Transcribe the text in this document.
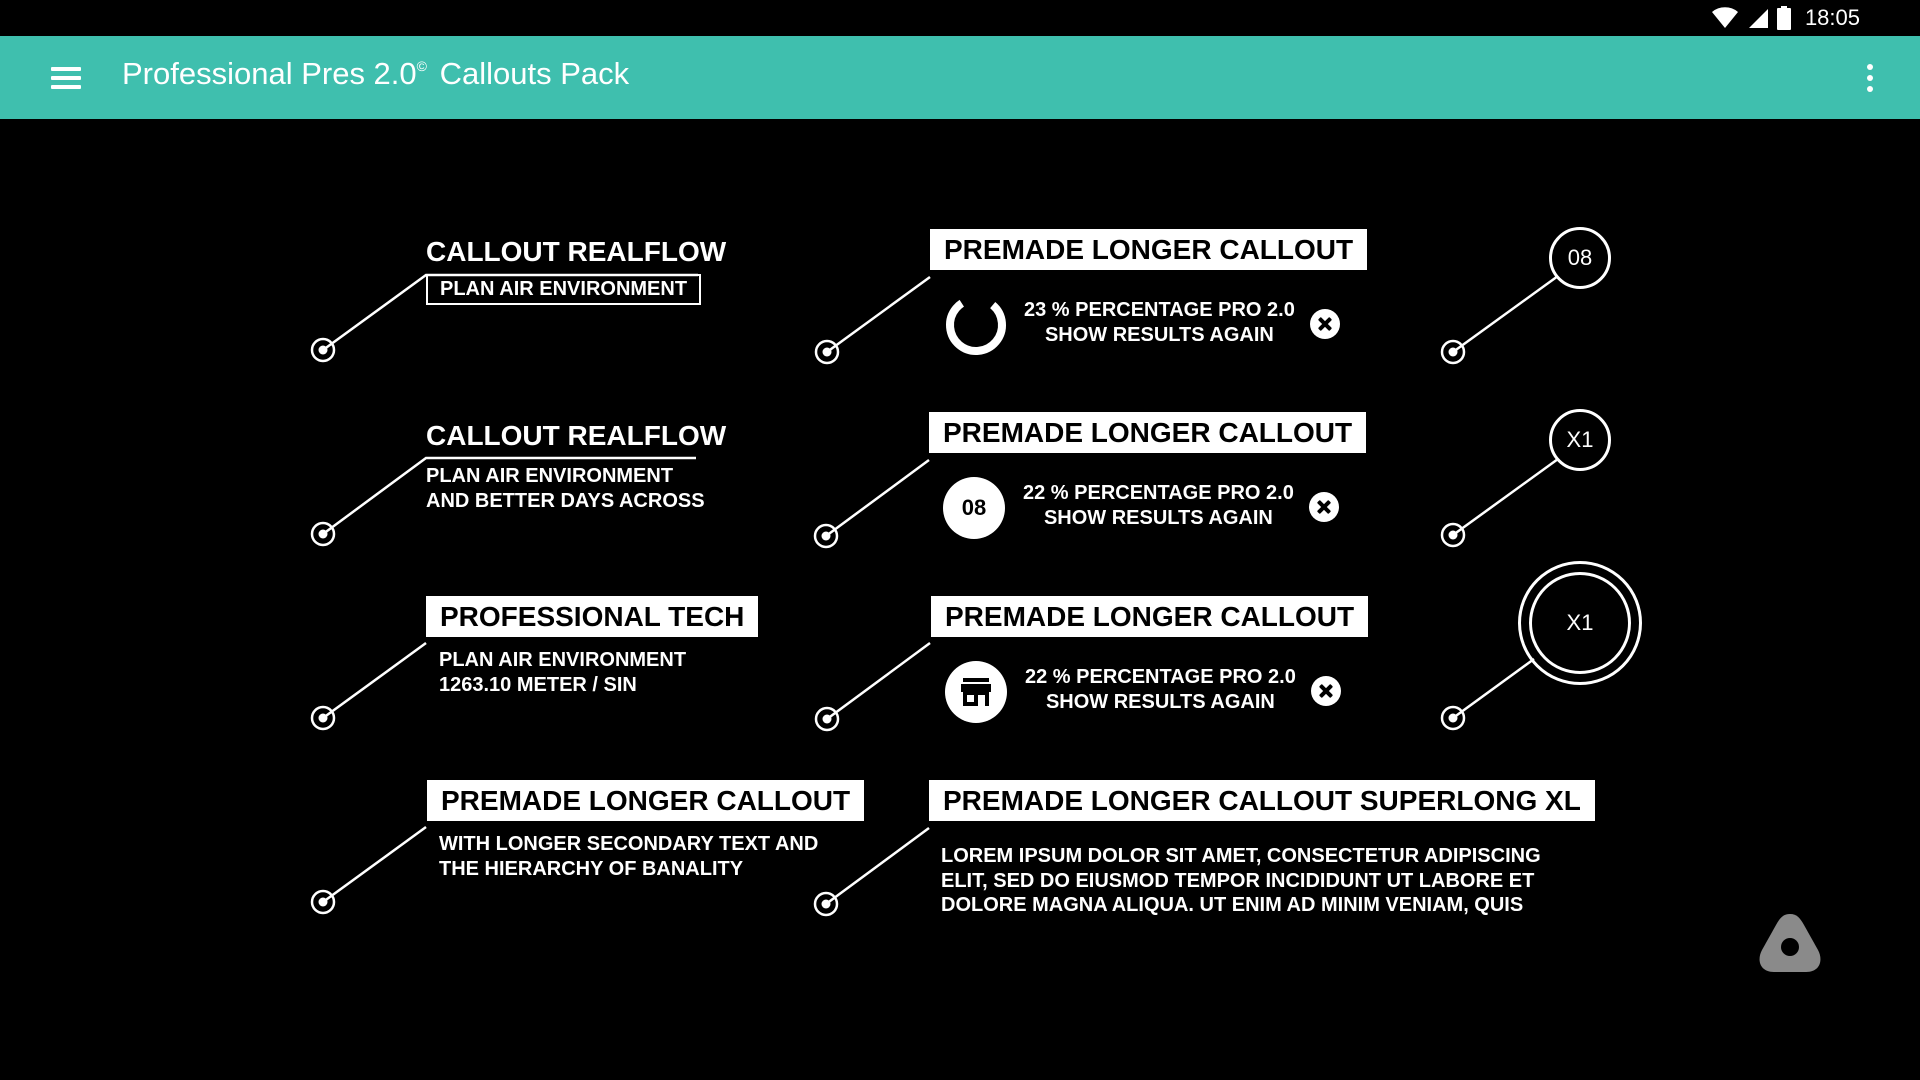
18:05
Professional Pres 2.0© Callouts Pack
CALLOUT REALFLOW
PLAN AIR ENVIRONMENT
CALLOUT REALFLOW
PLAN AIR ENVIRONMENT
AND BETTER DAYS ACROSS
PROFESSIONAL TECH
PLAN AIR ENVIRONMENT
1263.10 METER / SIN
PREMADE LONGER CALLOUT
WITH LONGER SECONDARY TEXT AND
THE HIERARCHY OF BANALITY
PREMADE LONGER CALLOUT
23 % PERCENTAGE PRO 2.0
SHOW RESULTS AGAIN
PREMADE LONGER CALLOUT
08
22 % PERCENTAGE PRO 2.0
SHOW RESULTS AGAIN
PREMADE LONGER CALLOUT
22 % PERCENTAGE PRO 2.0
SHOW RESULTS AGAIN
PREMADE LONGER CALLOUT SUPERLONG XL
LOREM IPSUM DOLOR SIT AMET, CONSECTETUR ADIPISCING
ELIT, SED DO EIUSMOD TEMPOR INCIDIDUNT UT LABORE ET
DOLORE MAGNA ALIQUA. UT ENIM AD MINIM VENIAM, QUIS
08
X1
X1
